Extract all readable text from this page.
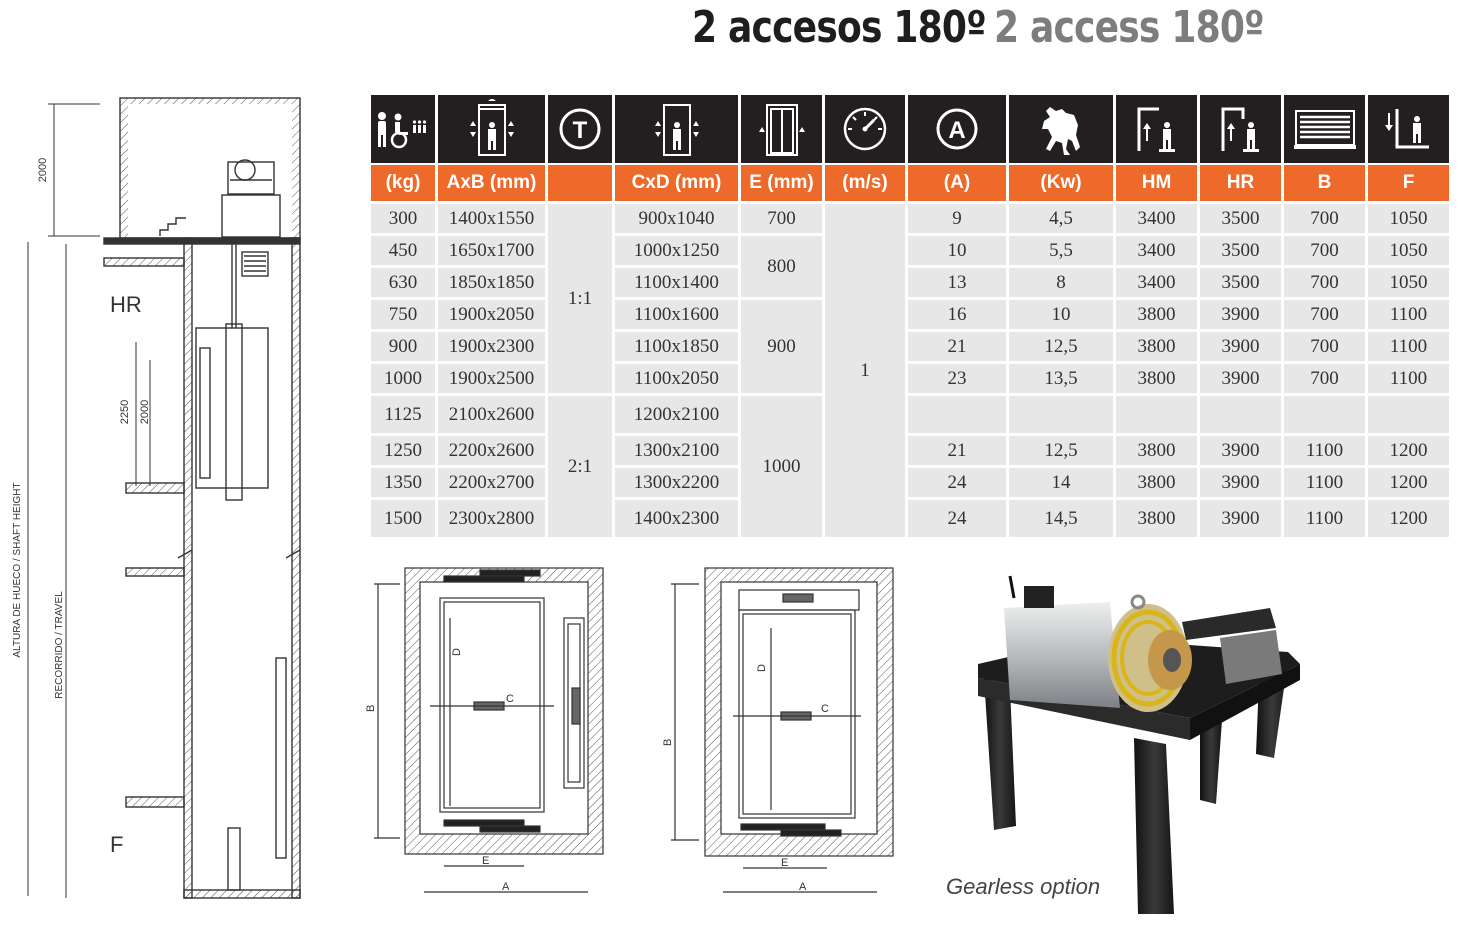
2 accesos 180º 2 access 180º

T				A

(kg)	AxB (mm)		CxD (mm)	E (mm)	(m/s)	(A)	(Kw)	HM	HR	B	F
300	1400x1550	1:1	900x1040	700	1	9	4,5	3400	3500	700	1050
450	1650x1700		1000x1250	800		10	5,5	3400	3500	700	1050
630	1850x1850		1100x1400			13	8	3400	3500	700	1050
750	1900x2050		1100x1600	900		16	10	3800	3900	700	1100
900	1900x2300		1100x1850			21	12,5	3800	3900	700	1100
1000	1900x2500		1100x2050			23	13,5	3800	3900	700	1100
1125	2100x2600	2:1	1200x2100	1000							
1250	2200x2600		1300x2100			21	12,5	3800	3900	1100	1200
1350	2200x2700		1300x2200			24	14	3800	3900	1100	1200
1500	2300x2800		1400x2300			24	14,5	3800	3900	1100	1200
2000
2250 2000
ALTURA DE HUECO / SHAFT HEIGHT	RECORRIDO / TRAVEL
HR
F
B
D
C
E
A
B
D
C
E
A	Gearless option
